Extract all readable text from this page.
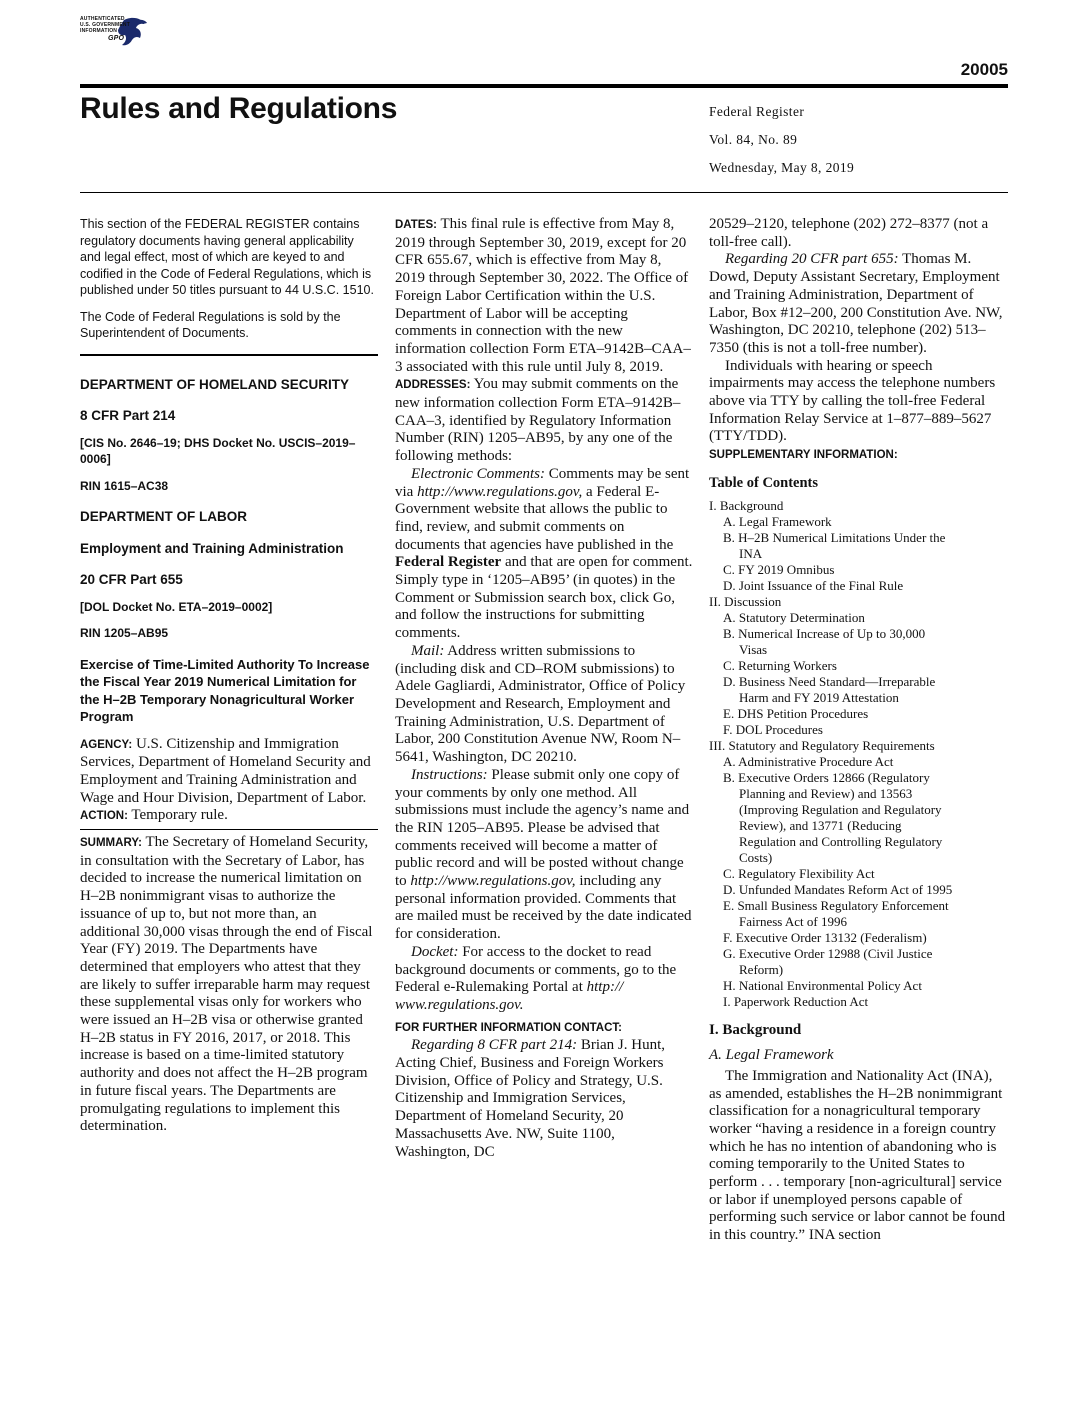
AUTHENTICATED
U.S. GOVERNMENT
INFORMATION
GPO
20005
Rules and Regulations	Federal Register
Vol. 84, No. 89
Wednesday, May 8, 2019

This section of the FEDERAL REGISTER contains regulatory documents having general applicability and legal effect, most of which are keyed to and codified in the Code of Federal Regulations, which is published under 50 titles pursuant to 44 U.S.C. 1510.

The Code of Federal Regulations is sold by the Superintendent of Documents.

DEPARTMENT OF HOMELAND SECURITY

8 CFR Part 214

[CIS No. 2646–19; DHS Docket No. USCIS–2019–0006]

RIN 1615–AC38

DEPARTMENT OF LABOR

Employment and Training Administration

20 CFR Part 655

[DOL Docket No. ETA–2019–0002]

RIN 1205–AB95

Exercise of Time-Limited Authority To Increase the Fiscal Year 2019 Numerical Limitation for the H–2B Temporary Nonagricultural Worker Program

AGENCY: U.S. Citizenship and Immigration Services, Department of Homeland Security and Employment and Training Administration and Wage and Hour Division, Department of Labor.

ACTION: Temporary rule.

SUMMARY: The Secretary of Homeland Security, in consultation with the Secretary of Labor, has decided to increase the numerical limitation on H–2B nonimmigrant visas to authorize the issuance of up to, but not more than, an additional 30,000 visas through the end of Fiscal Year (FY) 2019. The Departments have determined that employers who attest that they are likely to suffer irreparable harm may request these supplemental visas only for workers who were issued an H–2B visa or otherwise granted H–2B status in FY 2016, 2017, or 2018. This increase is based on a time-limited statutory authority and does not affect the H–2B program in future fiscal years. The Departments are promulgating regulations to implement this determination.

DATES: This final rule is effective from May 8, 2019 through September 30, 2019, except for 20 CFR 655.67, which is effective from May 8, 2019 through September 30, 2022. The Office of Foreign Labor Certification within the U.S. Department of Labor will be accepting comments in connection with the new information collection Form ETA–9142B–CAA–3 associated with this rule until July 8, 2019.

ADDRESSES: You may submit comments on the new information collection Form ETA–9142B–CAA–3, identified by Regulatory Information Number (RIN) 1205–AB95, by any one of the following methods:

Electronic Comments: Comments may be sent via http://www.regulations.gov, a Federal E-Government website that allows the public to find, review, and submit comments on documents that agencies have published in the Federal Register and that are open for comment. Simply type in ‘1205–AB95’ (in quotes) in the Comment or Submission search box, click Go, and follow the instructions for submitting comments.

Mail: Address written submissions to (including disk and CD–ROM submissions) to Adele Gagliardi, Administrator, Office of Policy Development and Research, Employment and Training Administration, U.S. Department of Labor, 200 Constitution Avenue NW, Room N–5641, Washington, DC 20210.

Instructions: Please submit only one copy of your comments by only one method. All submissions must include the agency’s name and the RIN 1205–AB95. Please be advised that comments received will become a matter of public record and will be posted without change to http://www.regulations.gov, including any personal information provided. Comments that are mailed must be received by the date indicated for consideration.

Docket: For access to the docket to read background documents or comments, go to the Federal e-Rulemaking Portal at http:// www.regulations.gov.

FOR FURTHER INFORMATION CONTACT:

Regarding 8 CFR part 214: Brian J. Hunt, Acting Chief, Business and Foreign Workers Division, Office of Policy and Strategy, U.S. Citizenship and Immigration Services, Department of Homeland Security, 20 Massachusetts Ave. NW, Suite 1100, Washington, DC

20529–2120, telephone (202) 272–8377 (not a toll-free call).

Regarding 20 CFR part 655: Thomas M. Dowd, Deputy Assistant Secretary, Employment and Training Administration, Department of Labor, Box #12–200, 200 Constitution Ave. NW, Washington, DC 20210, telephone (202) 513–7350 (this is not a toll-free number).

Individuals with hearing or speech impairments may access the telephone numbers above via TTY by calling the toll-free Federal Information Relay Service at 1–877–889–5627 (TTY/TDD).

SUPPLEMENTARY INFORMATION:

Table of Contents
I. Background
A. Legal Framework
B. H–2B Numerical Limitations Under the
INA
C. FY 2019 Omnibus
D. Joint Issuance of the Final Rule
II. Discussion
A. Statutory Determination
B. Numerical Increase of Up to 30,000
Visas
C. Returning Workers
D. Business Need Standard—Irreparable
Harm and FY 2019 Attestation
E. DHS Petition Procedures
F. DOL Procedures
III. Statutory and Regulatory Requirements
A. Administrative Procedure Act
B. Executive Orders 12866 (Regulatory
Planning and Review) and 13563
(Improving Regulation and Regulatory
Review), and 13771 (Reducing
Regulation and Controlling Regulatory
Costs)
C. Regulatory Flexibility Act
D. Unfunded Mandates Reform Act of 1995
E. Small Business Regulatory Enforcement
Fairness Act of 1996
F. Executive Order 13132 (Federalism)
G. Executive Order 12988 (Civil Justice
Reform)
H. National Environmental Policy Act
I. Paperwork Reduction Act
I. Background
A. Legal Framework

The Immigration and Nationality Act (INA), as amended, establishes the H–2B nonimmigrant classification for a nonagricultural temporary worker “having a residence in a foreign country which he has no intention of abandoning who is coming temporarily to the United States to perform . . . temporary [non-agricultural] service or labor if unemployed persons capable of performing such service or labor cannot be found in this country.” INA section
